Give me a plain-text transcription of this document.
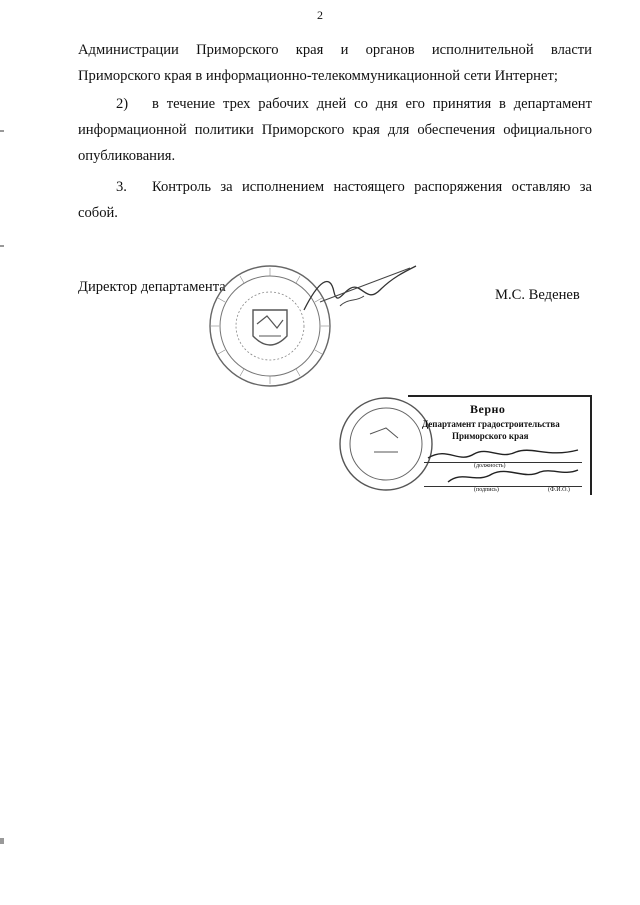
2

Администрации Приморского края и органов исполнительной власти Приморского края в информационно-телекоммуникационной сети Интернет;

2) в течение трех рабочих дней со дня его принятия в департамент информационной политики Приморского края для обеспечения официального опубликования.

3. Контроль за исполнением настоящего распоряжения оставляю за собой.

Директор департамента	М.С. Веденев
Верно
Департамент градостроительства
Приморского края
(должность)
(подпись)	(Ф.И.О.)
